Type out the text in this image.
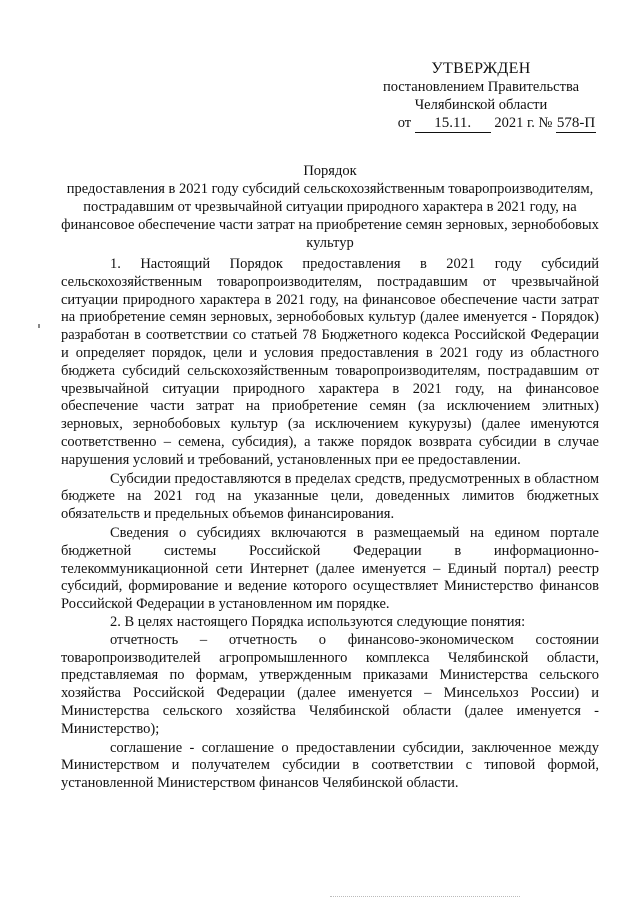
УТВЕРЖДЕН
постановлением Правительства
Челябинской области
от 15.11. 2021 г. № 578-П
Порядок
предоставления в 2021 году субсидий сельскохозяйственным товаропроизводителям, пострадавшим от чрезвычайной ситуации природного характера в 2021 году, на финансовое обеспечение части затрат на приобретение семян зерновых, зернобобовых культур

1. Настоящий Порядок предоставления в 2021 году субсидий сельскохозяйственным товаропроизводителям, пострадавшим от чрезвычайной ситуации природного характера в 2021 году, на финансовое обеспечение части затрат на приобретение семян зерновых, зернобобовых культур (далее именуется - Порядок) разработан в соответствии со статьей 78 Бюджетного кодекса Российской Федерации и определяет порядок, цели и условия предоставления в 2021 году из областного бюджета субсидий сельскохозяйственным товаропроизводителям, пострадавшим от чрезвычайной ситуации природного характера в 2021 году, на финансовое обеспечение части затрат на приобретение семян (за исключением элитных) зерновых, зернобобовых культур (за исключением кукурузы) (далее именуются соответственно – семена, субсидия), а также порядок возврата субсидии в случае нарушения условий и требований, установленных при ее предоставлении.

Субсидии предоставляются в пределах средств, предусмотренных в областном бюджете на 2021 год на указанные цели, доведенных лимитов бюджетных обязательств и предельных объемов финансирования.

Сведения о субсидиях включаются в размещаемый на едином портале бюджетной системы Российской Федерации в информационно-телекоммуникационной сети Интернет (далее именуется – Единый портал) реестр субсидий, формирование и ведение которого осуществляет Министерство финансов Российской Федерации в установленном им порядке.

2. В целях настоящего Порядка используются следующие понятия:

отчетность – отчетность о финансово-экономическом состоянии товаропроизводителей агропромышленного комплекса Челябинской области, представляемая по формам, утвержденным приказами Министерства сельского хозяйства Российской Федерации (далее именуется – Минсельхоз России) и Министерства сельского хозяйства Челябинской области (далее именуется - Министерство);

соглашение - соглашение о предоставлении субсидии, заключенное между Министерством и получателем субсидии в соответствии с типовой формой, установленной Министерством финансов Челябинской области.
